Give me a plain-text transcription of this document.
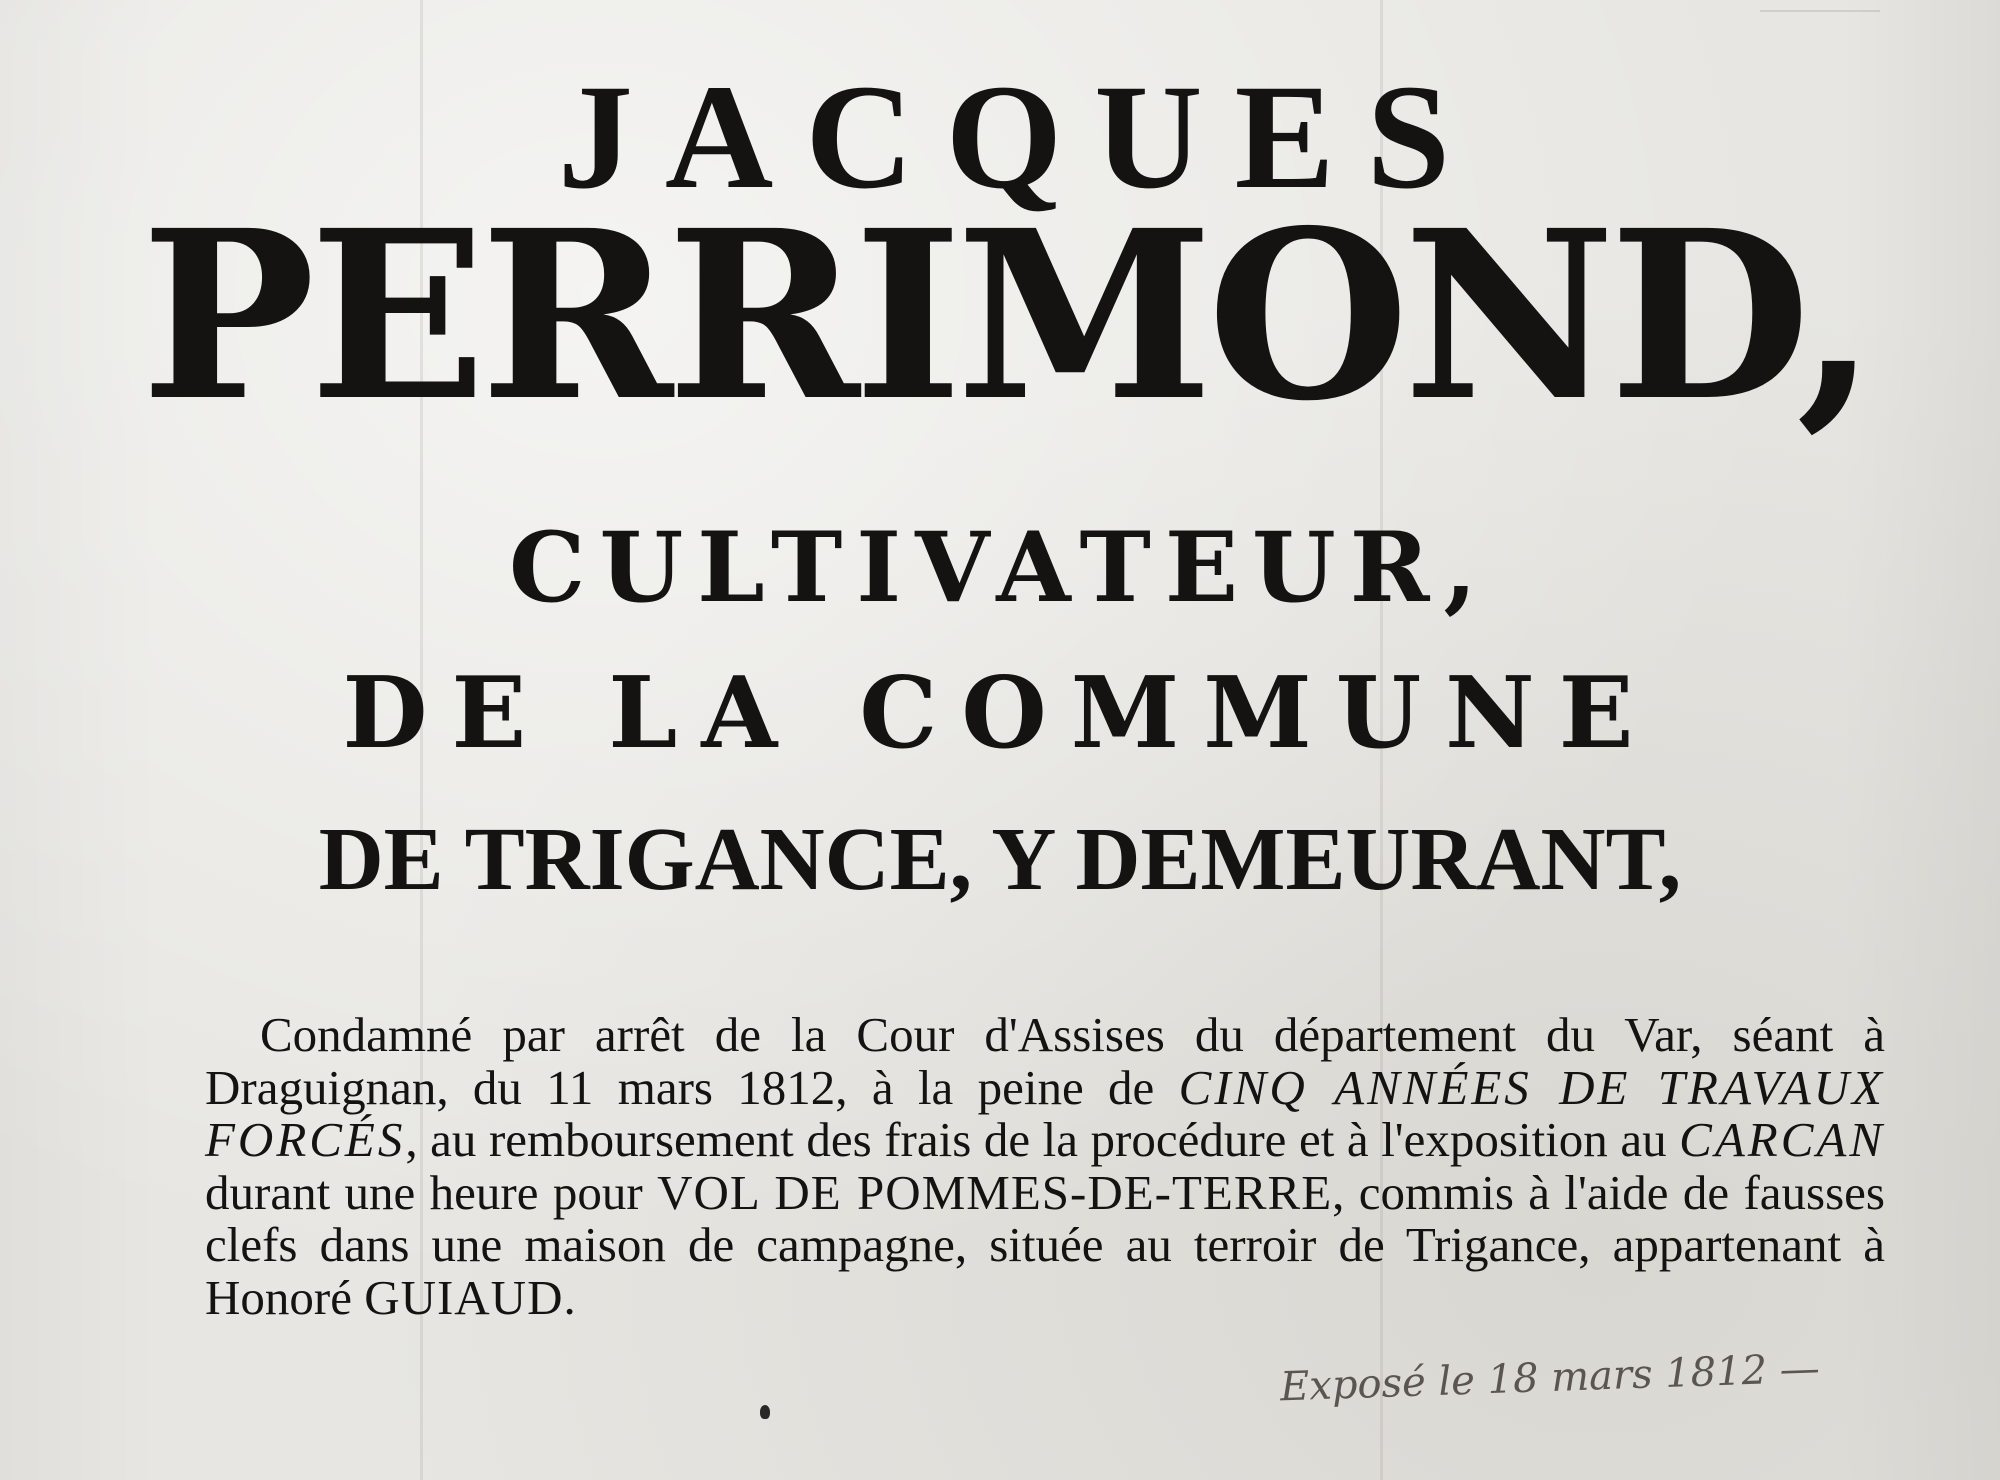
JACQUES
PERRIMOND,
CULTIVATEUR,
DE LA COMMUNE
DE TRIGANCE, Y DEMEURANT,

Condamné par arrêt de la Cour d'Assises du département du Var, séant à Draguignan, du 11 mars 1812, à la peine de CINQ ANNÉES DE TRAVAUX FORCÉS, au remboursement des frais de la procédure et à l'exposition au CARCAN durant une heure pour VOL DE POMMES-DE-TERRE, commis à l'aide de fausses clefs dans une maison de campagne, située au terroir de Trigance, appartenant à Honoré GUIAUD.

Exposé le 18 mars 1812 —
